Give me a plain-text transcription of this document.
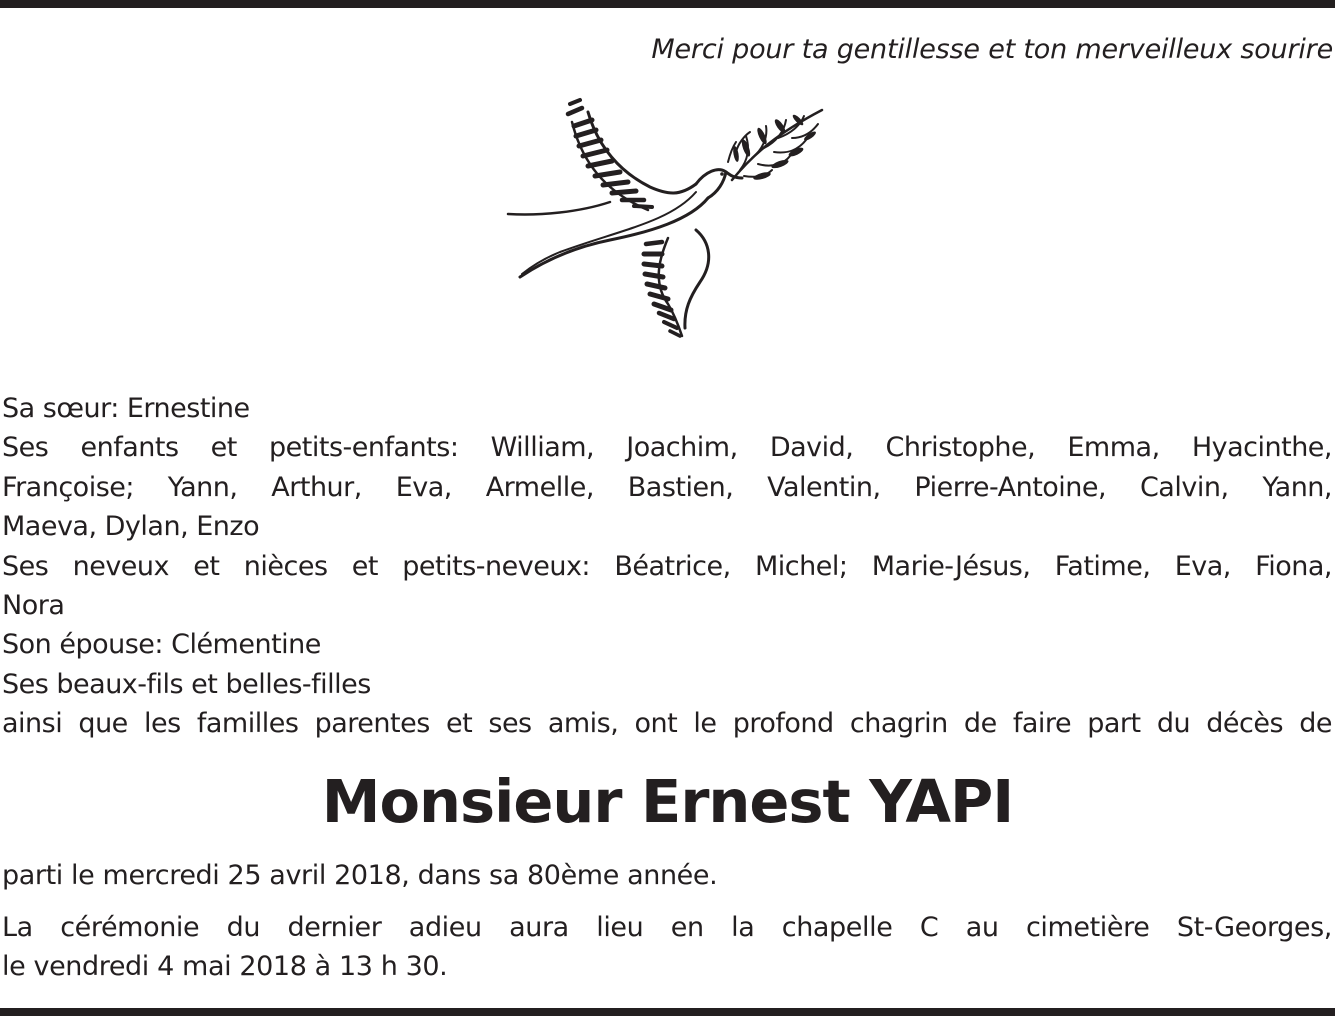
Merci pour ta gentillesse et ton merveilleux sourire
Sa sœur: Ernestine
Ses enfants et petits-enfants: William, Joachim, David, Christophe, Emma, Hyacinthe,
Françoise; Yann, Arthur, Eva, Armelle, Bastien, Valentin, Pierre-Antoine, Calvin, Yann,
Maeva, Dylan, Enzo
Ses neveux et nièces et petits-neveux: Béatrice, Michel; Marie-Jésus, Fatime, Eva, Fiona,
Nora
Son épouse: Clémentine
Ses beaux-fils et belles-filles
ainsi que les familles parentes et ses amis, ont le profond chagrin de faire part du décès de
Monsieur Ernest YAPI
parti le mercredi 25 avril 2018, dans sa 80ème année.
La cérémonie du dernier adieu aura lieu en la chapelle C au cimetière St-Georges,
le vendredi 4 mai 2018 à 13 h 30.
